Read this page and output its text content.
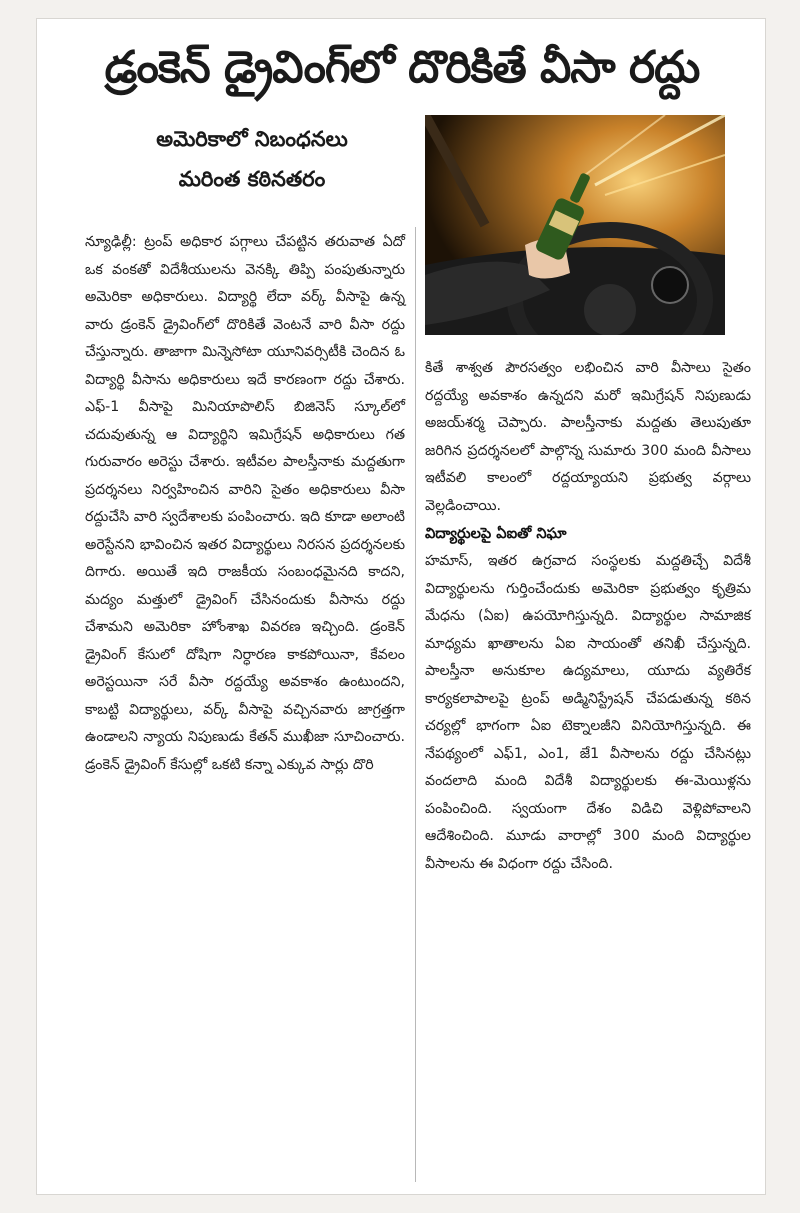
డ్రంకెన్ డ్రైవింగ్‌లో దొరికితే వీసా రద్దు
అమెరికాలో నిబంధనలు
మరింత కఠినతరం

న్యూఢిల్లీ: ట్రంప్ అధికార పగ్గాలు చేపట్టిన తరువాత ఏదో ఒక వంకతో విదేశీయులను వెనక్కి తిప్పి పంపుతున్నారు అమెరికా అధికారులు. విద్యార్థి లేదా వర్క్ వీసాపై ఉన్న వారు డ్రంకెన్ డ్రైవింగ్‌లో దొరికితే వెంటనే వారి వీసా రద్దు చేస్తున్నారు. తాజాగా మిన్నెసోటా యూనివర్సిటీకి చెందిన ఓ విద్యార్థి వీసాను అధికారులు ఇదే కారణంగా రద్దు చేశారు. ఎఫ్-1 వీసాపై మినియాపొలిస్ బిజినెస్ స్కూల్‌లో చదువుతున్న ఆ విద్యార్థిని ఇమిగ్రేషన్ అధికారులు గత గురువారం అరెస్టు చేశారు. ఇటీవల పాలస్తీనాకు మద్దతుగా ప్రదర్శనలు నిర్వహించిన వారిని సైతం అధికారులు వీసా రద్దుచేసి వారి స్వదేశాలకు పంపించారు. ఇది కూడా అలాంటి అరెస్టేనని భావించిన ఇతర విద్యార్థులు నిరసన ప్రదర్శనలకు దిగారు. అయితే ఇది రాజకీయ సంబంధమైనది కాదని, మద్యం మత్తులో డ్రైవింగ్ చేసినందుకు వీసాను రద్దు చేశామని అమెరికా హోంశాఖ వివరణ ఇచ్చింది. డ్రంకెన్ డ్రైవింగ్ కేసులో దోషిగా నిర్ధారణ కాకపోయినా, కేవలం అరెస్టయినా సరే వీసా రద్దయ్యే అవకాశం ఉంటుందని, కాబట్టి విద్యార్థులు, వర్క్ వీసాపై వచ్చినవారు జాగ్రత్తగా ఉండాలని న్యాయ నిపుణుడు కేతన్ ముఖీజా సూచించారు. డ్రంకెన్ డ్రైవింగ్ కేసుల్లో ఒకటి కన్నా ఎక్కువ సార్లు దొరి

కితే శాశ్వత పౌరసత్వం లభించిన వారి వీసాలు సైతం రద్దయ్యే అవకాశం ఉన్నదని మరో ఇమిగ్రేషన్ నిపుణుడు అజయ్‌శర్మ చెప్పారు. పాలస్తీనాకు మద్దతు తెలుపుతూ జరిగిన ప్రదర్శనలలో పాల్గొన్న సుమారు 300 మంది వీసాలు ఇటీవలి కాలంలో రద్దయ్యాయని ప్రభుత్వ వర్గాలు వెల్లడించాయి.

విద్యార్థులపై ఏఐతో నిఘా

హమాస్, ఇతర ఉగ్రవాద సంస్థలకు మద్దతిచ్చే విదేశీ విద్యార్థులను గుర్తించేందుకు అమెరికా ప్రభుత్వం కృత్రిమ మేధను (ఏఐ) ఉపయోగిస్తున్నది. విద్యార్థుల సామాజిక మాధ్యమ ఖాతాలను ఏఐ సాయంతో తనిఖీ చేస్తున్నది. పాలస్తీనా అనుకూల ఉద్యమాలు, యూదు వ్యతిరేక కార్యకలాపాలపై ట్రంప్ అడ్మినిస్ట్రేషన్ చేపడుతున్న కఠిన చర్యల్లో భాగంగా ఏఐ టెక్నాలజీని వినియోగిస్తున్నది. ఈ నేపథ్యంలో ఎఫ్1, ఎం1, జే1 వీసాలను రద్దు చేసినట్లు వందలాది మంది విదేశీ విద్యార్థులకు ఈ-మెయిళ్లను పంపించింది. స్వయంగా దేశం విడిచి వెళ్లిపోవాలని ఆదేశించింది. మూడు వారాల్లో 300 మంది విద్యార్థుల వీసాలను ఈ విధంగా రద్దు చేసింది.
